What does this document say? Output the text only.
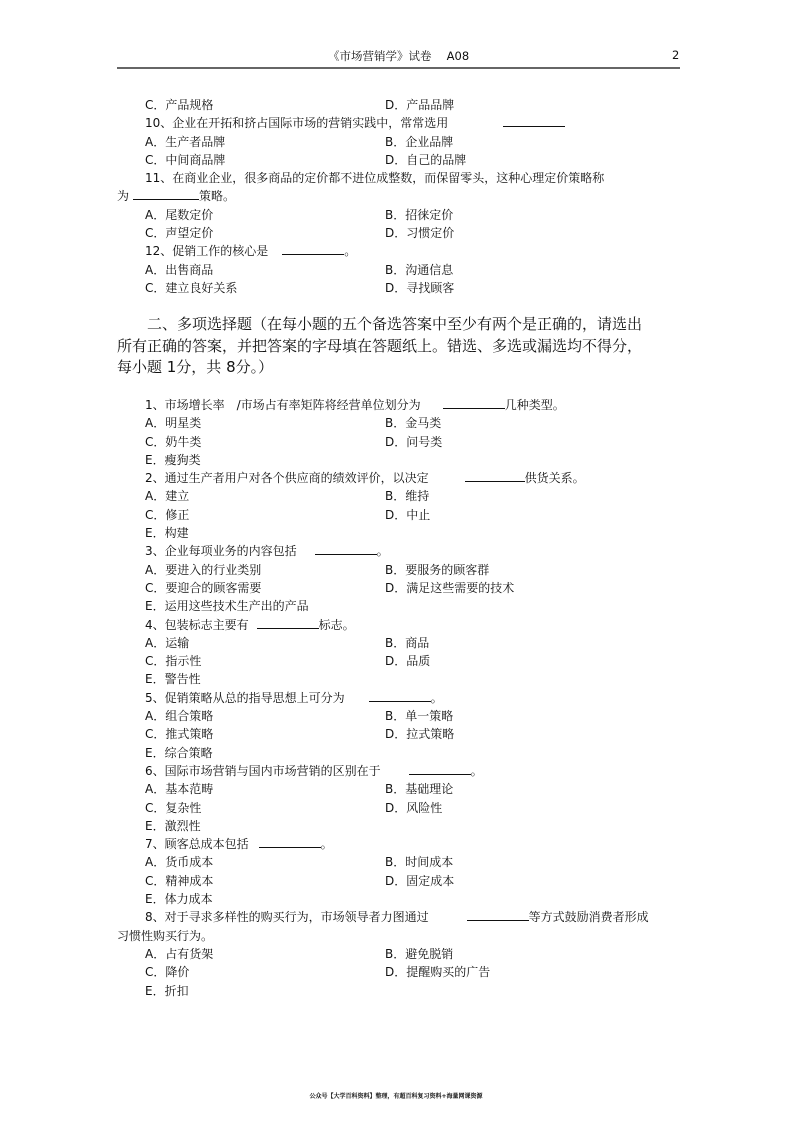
《市场营销学》试卷　 A08	2
C．产品规格	D．产品品牌
10、企业在开拓和挤占国际市场的营销实践中，常常选用
A．生产者品牌	B．企业品牌
C．中间商品牌	D．自己的品牌
11、在商业企业，很多商品的定价都不进位成整数，而保留零头，这种心理定价策略称
为	策略。
A．尾数定价	B．招徕定价
C．声望定价	D．习惯定价
12、促销工作的核心是	。
A．出售商品	B．沟通信息
C．建立良好关系	D．寻找顾客
二、多项选择题（在每小题的五个备选答案中至少有两个是正确的，请选出
所有正确的答案，并把答案的字母填在答题纸上。错选、多选或漏选均不得分，
每小题 1分，共 8分。）
1、市场增长率　/市场占有率矩阵将经营单位划分为	几种类型。
A．明星类	B．金马类
C．奶牛类	D．问号类
E．瘦狗类
2、通过生产者用户对各个供应商的绩效评价，以决定	供货关系。
A．建立	B．维持
C．修正	D．中止
E．构建
3、企业每项业务的内容包括	。
A．要进入的行业类别	B．要服务的顾客群
C．要迎合的顾客需要	D．满足这些需要的技术
E．运用这些技术生产出的产品
4、包装标志主要有	标志。
A．运输	B．商品
C．指示性	D．品质
E．警告性
5、促销策略从总的指导思想上可分为	。
A．组合策略	B．单一策略
C．推式策略	D．拉式策略
E．综合策略
6、国际市场营销与国内市场营销的区别在于	。
A．基本范畴	B．基础理论
C．复杂性	D．风险性
E．激烈性
7、顾客总成本包括	。
A．货币成本	B．时间成本
C．精神成本	D．固定成本
E．体力成本
8、对于寻求多样性的购买行为，市场领导者力图通过	等方式鼓励消费者形成
习惯性购买行为。
A．占有货架	B．避免脱销
C．降价	D．提醒购买的广告
E．折扣
公众号【大学百科资料】整理，有超百科复习资料+海量网课资源
